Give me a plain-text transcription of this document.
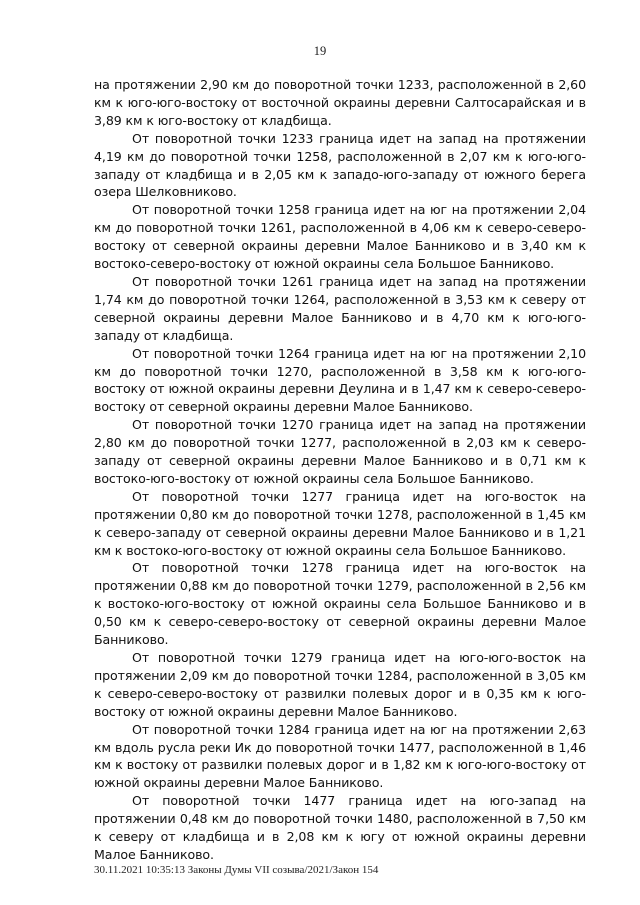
19

на протяжении 2,90 км до поворотной точки 1233, расположенной в 2,60 км к юго-юго-востоку от восточной окраины деревни Салтосарайская и в 3,89 км к юго-востоку от кладбища.

От поворотной точки 1233 граница идет на запад на протяжении 4,19 км до поворотной точки 1258, расположенной в 2,07 км к юго-юго-западу от кладбища и в 2,05 км к западо-юго-западу от южного берега озера Шелковниково.

От поворотной точки 1258 граница идет на юг на протяжении 2,04 км до поворотной точки 1261, расположенной в 4,06 км к северо-северо-востоку от северной окраины деревни Малое Банниково и в 3,40 км к востоко-северо-востоку от южной окраины села Большое Банниково.

От поворотной точки 1261 граница идет на запад на протяжении 1,74 км до поворотной точки 1264, расположенной в 3,53 км к северу от северной окраины деревни Малое Банниково и в 4,70 км к юго-юго-западу от кладбища.

От поворотной точки 1264 граница идет на юг на протяжении 2,10 км до поворотной точки 1270, расположенной в 3,58 км к юго-юго-востоку от южной окраины деревни Деулина и в 1,47 км к северо-северо-востоку от северной окраины деревни Малое Банниково.

От поворотной точки 1270 граница идет на запад на протяжении 2,80 км до поворотной точки 1277, расположенной в 2,03 км к северо-западу от северной окраины деревни Малое Банниково и в 0,71 км к востоко-юго-востоку от южной окраины села Большое Банниково.

От поворотной точки 1277 граница идет на юго-восток на протяжении 0,80 км до поворотной точки 1278, расположенной в 1,45 км к северо-западу от северной окраины деревни Малое Банниково и в 1,21 км к востоко-юго-востоку от южной окраины села Большое Банниково.

От поворотной точки 1278 граница идет на юго-восток на протяжении 0,88 км до поворотной точки 1279, расположенной в 2,56 км к востоко-юго-востоку от южной окраины села Большое Банниково и в 0,50 км к северо-северо-востоку от северной окраины деревни Малое Банниково.

От поворотной точки 1279 граница идет на юго-юго-восток на протяжении 2,09 км до поворотной точки 1284, расположенной в 3,05 км к северо-северо-востоку от развилки полевых дорог и в 0,35 км к юго-востоку от южной окраины деревни Малое Банниково.

От поворотной точки 1284 граница идет на юг на протяжении 2,63 км вдоль русла реки Ик до поворотной точки 1477, расположенной в 1,46 км к востоку от развилки полевых дорог и в 1,82 км к юго-юго-востоку от южной окраины деревни Малое Банниково.

От поворотной точки 1477 граница идет на юго-запад на протяжении 0,48 км до поворотной точки 1480, расположенной в 7,50 км к северу от кладбища и в 2,08 км к югу от южной окраины деревни Малое Банниково.

30.11.2021 10:35:13 Законы Думы VII созыва/2021/Закон 154
